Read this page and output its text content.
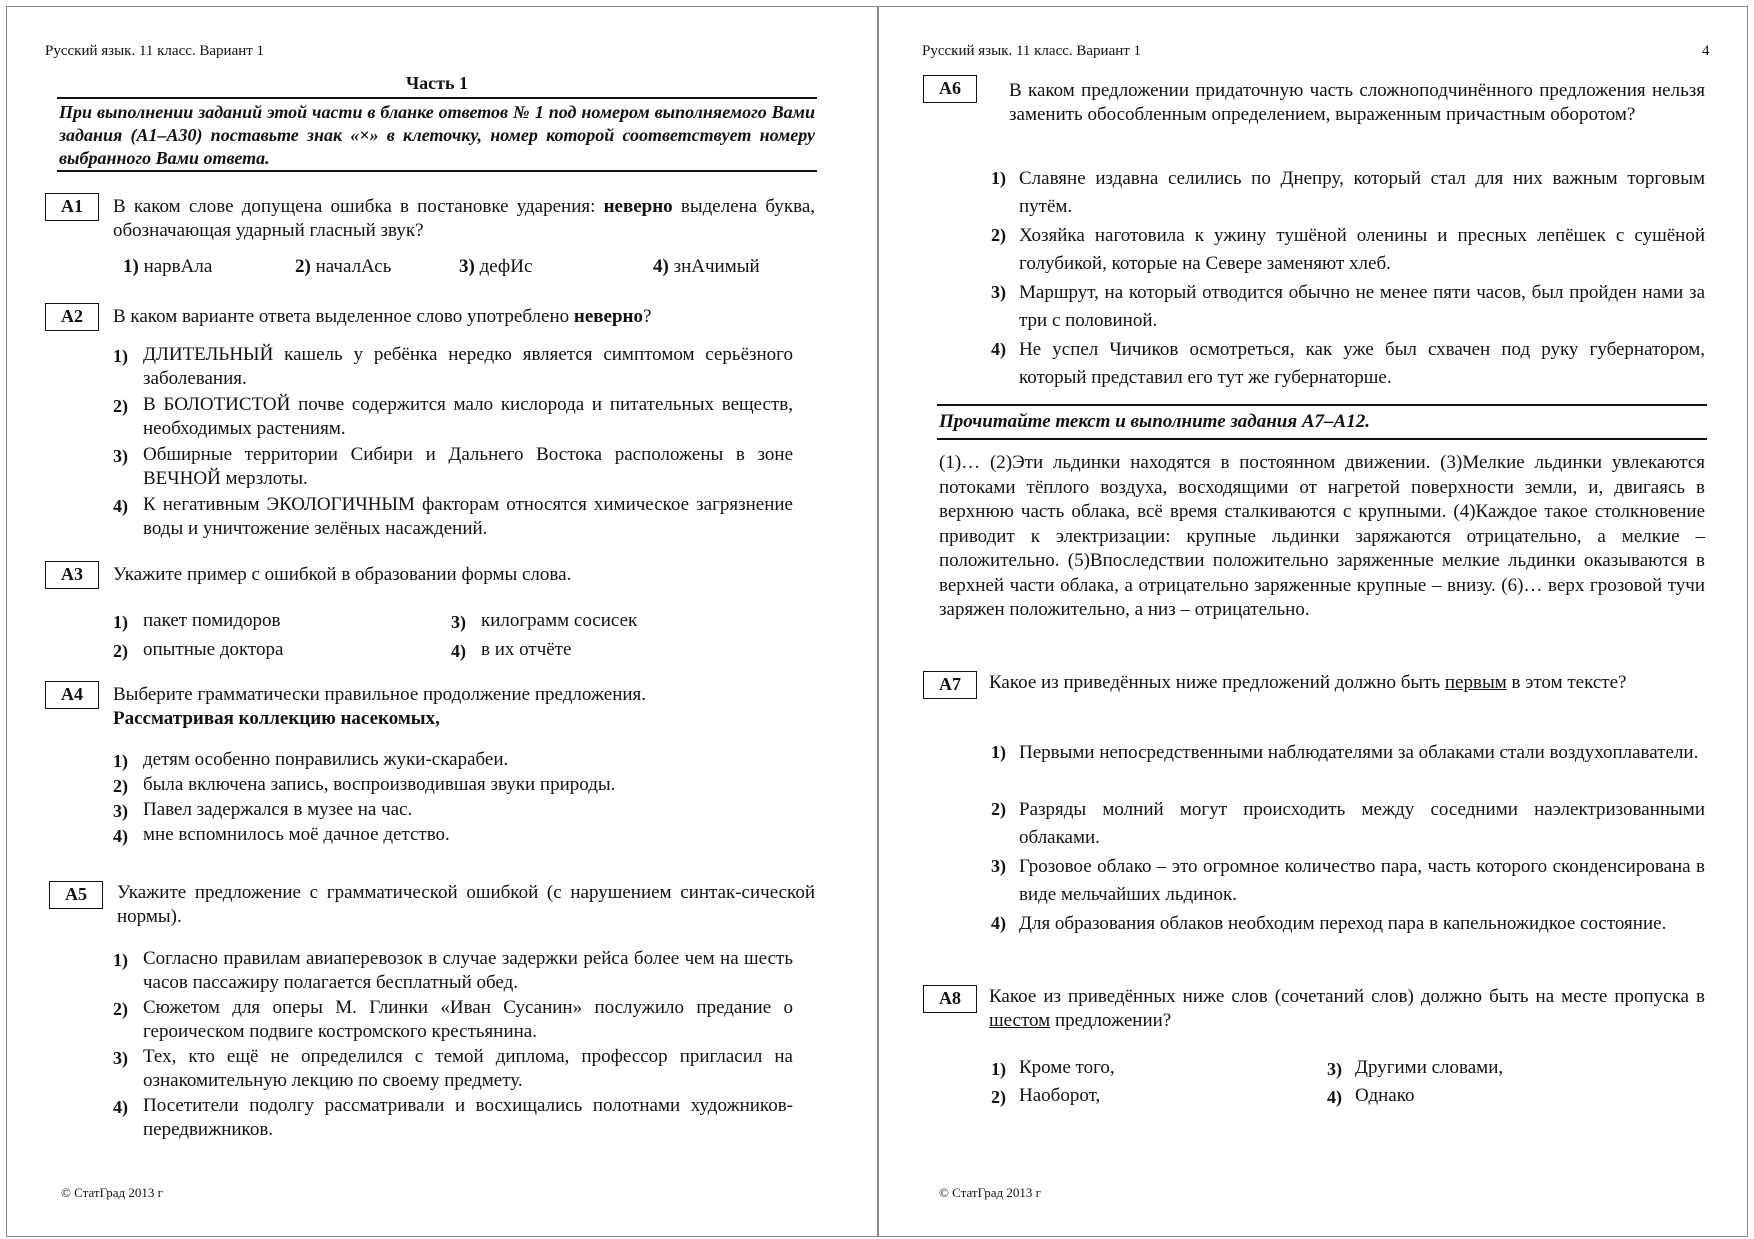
Русский язык. 11 класс. Вариант 1
Часть 1
При выполнении заданий этой части в бланке ответов № 1 под номером выполняемого Вами задания (А1–А30) поставьте знак «×» в клеточку, номер которой соответствует номеру выбранного Вами ответа.
А1	В каком слове допущена ошибка в постановке ударения: неверно выделена буква, обозначающая ударный гласный звук?
1) нарвАла	2) началАсь	3) дефИс	4) знАчимый
А2	В каком варианте ответа выделенное слово употреблено неверно?
1) ДЛИТЕЛЬНЫЙ кашель у ребёнка нередко является симптомом серьёзного заболевания.
2) В БОЛОТИСТОЙ почве содержится мало кислорода и питательных веществ, необходимых растениям.
3) Обширные территории Сибири и Дальнего Востока расположены в зоне ВЕЧНОЙ мерзлоты.
4) К негативным ЭКОЛОГИЧНЫМ факторам относятся химическое загрязнение воды и уничтожение зелёных насаждений.
А3	Укажите пример с ошибкой в образовании формы слова.
1) пакет помидоров
2) опытные доктора
3) килограмм сосисек
4) в их отчёте
А4	Выберите грамматически правильное продолжение предложения.
Рассматривая коллекцию насекомых,
1) детям особенно понравились жуки-скарабеи.
2) была включена запись, воспроизводившая звуки природы.
3) Павел задержался в музее на час.
4) мне вспомнилось моё дачное детство.
А5	Укажите предложение с грамматической ошибкой (с нарушением синтак-сической нормы).
1) Согласно правилам авиаперевозок в случае задержки рейса более чем на шесть часов пассажиру полагается бесплатный обед.
2) Сюжетом для оперы М. Глинки «Иван Сусанин» послужило предание о героическом подвиге костромского крестьянина.
3) Тех, кто ещё не определился с темой диплома, профессор пригласил на ознакомительную лекцию по своему предмету.
4) Посетители подолгу рассматривали и восхищались полотнами художников-передвижников.
© СтатГрад 2013 г
Русский язык. 11 класс. Вариант 1	4
А6	В каком предложении придаточную часть сложноподчинённого предложения нельзя заменить обособленным определением, выраженным причастным оборотом?
1) Славяне издавна селились по Днепру, который стал для них важным торговым путём.
2) Хозяйка наготовила к ужину тушёной оленины и пресных лепёшек с сушёной голубикой, которые на Севере заменяют хлеб.
3) Маршрут, на который отводится обычно не менее пяти часов, был пройден нами за три с половиной.
4) Не успел Чичиков осмотреться, как уже был схвачен под руку губернатором, который представил его тут же губернаторше.
Прочитайте текст и выполните задания А7–А12.
(1)… (2)Эти льдинки находятся в постоянном движении. (3)Мелкие льдинки увлекаются потоками тёплого воздуха, восходящими от нагретой поверхности земли, и, двигаясь в верхнюю часть облака, всё время сталкиваются с крупными. (4)Каждое такое столкновение приводит к электризации: крупные льдинки заряжаются отрицательно, а мелкие – положительно. (5)Впоследствии положительно заряженные мелкие льдинки оказываются в верхней части облака, а отрицательно заряженные крупные – внизу. (6)… верх грозовой тучи заряжен положительно, а низ – отрицательно.
А7	Какое из приведённых ниже предложений должно быть первым в этом тексте?
1) Первыми непосредственными наблюдателями за облаками стали воздухоплаватели.
2) Разряды молний могут происходить между соседними наэлектризованными облаками.
3) Грозовое облако – это огромное количество пара, часть которого сконденсирована в виде мельчайших льдинок.
4) Для образования облаков необходим переход пара в капельножидкое состояние.
А8	Какое из приведённых ниже слов (сочетаний слов) должно быть на месте пропуска в шестом предложении?
1) Кроме того,
2) Наоборот,
3) Другими словами,
4) Однако
© СтатГрад 2013 г
